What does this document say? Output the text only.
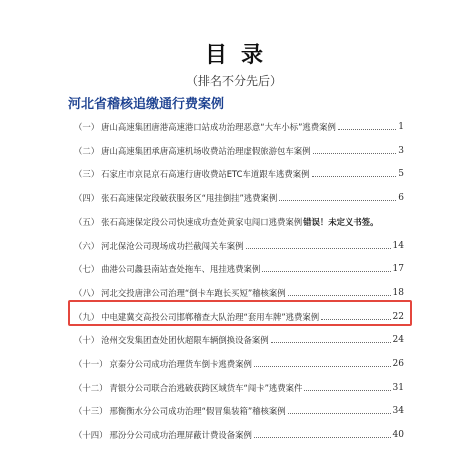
目录
（排名不分先后）
河北省稽核追缴通行费案例
（一） 唐山高速集团唐港高速港口站成功治理恶意“大车小标”逃费案例	1
（二） 唐山高速集团承唐高速机场收费站治理虚假旅游包车案例	3
（三） 石家庄市京昆京石高速行唐收费站ETC车道跟车逃费案例	5
（四） 张石高速保定段破获服务区“甩挂倒挂”逃费案例	6
（五） 张石高速保定段公司快速成功查处黄家屯闯口逃费案例 错误！未定义书签。
（六） 河北保沧公司现场成功拦截闯关车案例	14
（七） 曲港公司蠡县南站查处拖车、甩挂逃费案例	17
（八） 河北交投唐津公司治理“倒卡车跑长买短”稽核案例	18
（九） 中电建冀交高投公司邯郸稽查大队治理“套用车牌”逃费案例	22
（十） 沧州交发集团查处团伙超限车辆倒换设备案例	24
（十一） 京秦分公司成功治理货车倒卡逃费案例	26
（十二） 青银分公司联合治逃破获跨区域货车“闯卡”逃费案件	31
（十三） 邢衡衡水分公司成功治理“假冒集装箱”稽核案例	34
（十四） 邢汾分公司成功治理屏蔽计费设备案例	40
